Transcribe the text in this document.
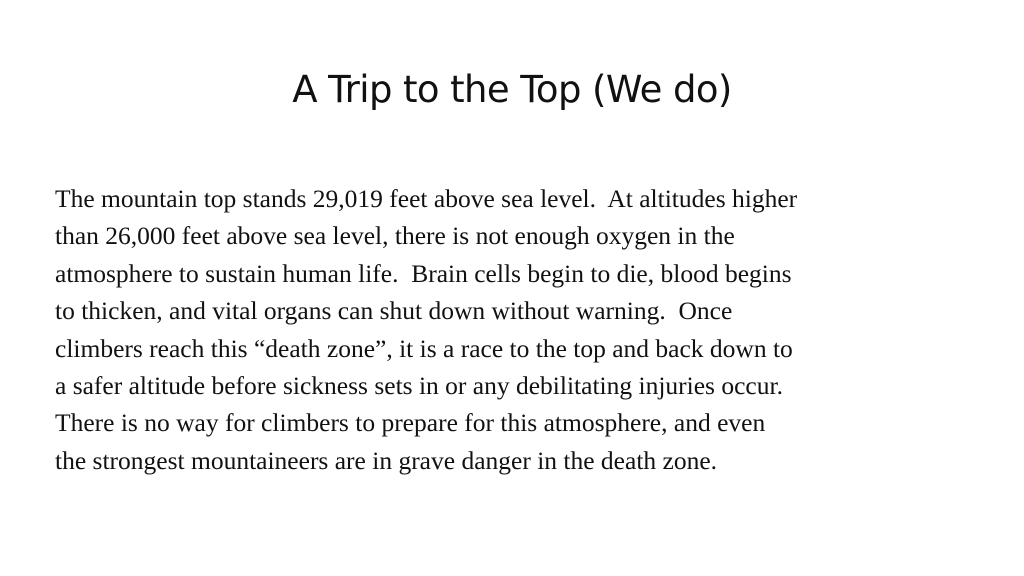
A Trip to the Top (We do)
The mountain top stands 29,019 feet above sea level.  At altitudes higher
than 26,000 feet above sea level, there is not enough oxygen in the
atmosphere to sustain human life.  Brain cells begin to die, blood begins
to thicken, and vital organs can shut down without warning.  Once
climbers reach this “death zone”, it is a race to the top and back down to
a safer altitude before sickness sets in or any debilitating injuries occur.
There is no way for climbers to prepare for this atmosphere, and even
the strongest mountaineers are in grave danger in the death zone.
